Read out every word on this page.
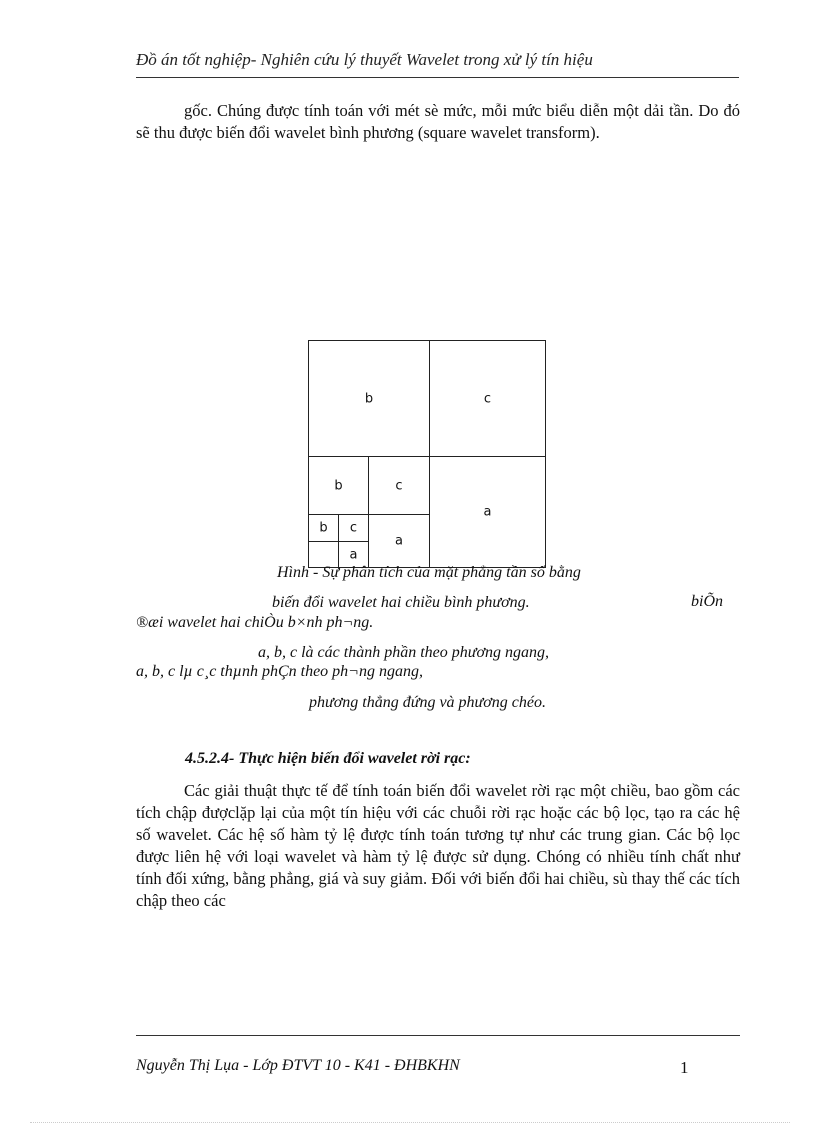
Đồ án tốt nghiệp- Nghiên cứu lý thuyết Wavelet trong xử lý tín hiệu
gốc. Chúng được tính toán với mét sè mức, mỗi mức biểu diễn một dải tần. Do đó sẽ thu được biến đổi wavelet bình phương (square wavelet transform).
b	c
a
b	c
a
b	c
a
Hình - Sự phân tích của mặt phẳng tần số bằng
biến đổi wavelet hai chiều bình phương.	biÕn
®æi wavelet hai chiÒu b×nh ph¬ng.
a, b, c là các thành phần theo phương ngang,
a, b, c lµ c¸c thµnh phÇn theo ph¬ng ngang,
phương thẳng đứng và phương chéo.
4.5.2.4- Thực hiện biến đổi wavelet rời rạc:
Các giải thuật thực tế để tính toán biến đổi wavelet rời rạc một chiều, bao gồm các tích chập đượclặp lại của một tín hiệu với các chuỗi rời rạc hoặc các bộ lọc, tạo ra các hệ số wavelet. Các hệ số hàm tỷ lệ được tính toán tương tự như các trung gian. Các bộ lọc được liên hệ với loại wavelet và hàm tỷ lệ được sử dụng. Chóng có nhiều tính chất như tính đối xứng, bằng phẳng, giá và suy giảm. Đối với biến đổi hai chiều, sù thay thế các tích chập theo các
Nguyễn Thị Lụa - Lớp ĐTVT 10 - K41 - ĐHBKHN	1
